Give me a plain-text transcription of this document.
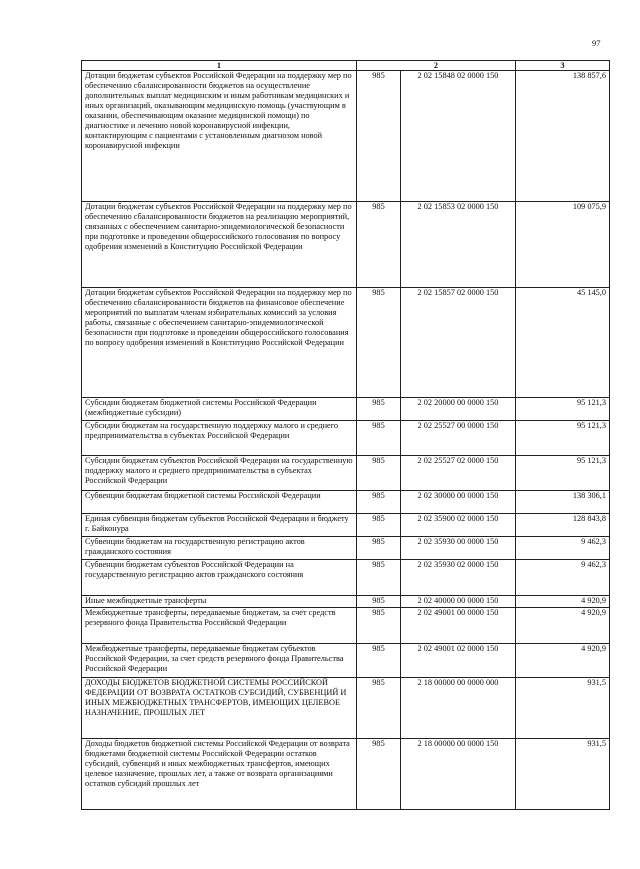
97
1	2		3
Дотации бюджетам субъектов Российской Федерации на поддержку мер по обеспечению сбалансированности бюджетов на осуществление дополнительных выплат медицинским и иным работникам медицинских и иных организаций, оказывающим медицинскую помощь (участвующим в оказании, обеспечивающим оказание медицинской помощи) по диагностике и лечению новой коронавирусной инфекции, контактирующим с пациентами с установленным диагнозом новой коронавирусной инфекции	985	2 02 15848 02 0000 150	138 857,6
Дотации бюджетам субъектов Российской Федерации на поддержку мер по обеспечению сбалансированности бюджетов на реализацию мероприятий, связанных с обеспечением санитарно-эпидемиологической безопасности при подготовке и проведении общероссийского голосования по вопросу одобрения изменений в Конституцию Российской Федерации	985	2 02 15853 02 0000 150	109 075,9
Дотации бюджетам субъектов Российской Федерации на поддержку мер по обеспечению сбалансированности бюджетов на финансовое обеспечение мероприятий по выплатам членам избирательных комиссий за условия работы, связанные с обеспечением санитарно-эпидемиологической безопасности при подготовке и проведении общероссийского голосования по вопросу одобрения изменений в Конституцию Российской Федерации	985	2 02 15857 02 0000 150	45 145,0
Субсидии бюджетам бюджетной системы Российской Федерации (межбюджетные субсидии)	985	2 02 20000 00 0000 150	95 121,3
Субсидии бюджетам на государственную поддержку малого и среднего предпринимательства в субъектах Российской Федерации	985	2 02 25527 00 0000 150	95 121,3
Субсидии бюджетам субъектов Российской Федерации на государственную поддержку малого и среднего предпринимательства в субъектах Российской Федерации	985	2 02 25527 02 0000 150	95 121,3
Субвенции бюджетам бюджетной системы Российской Федерации	985	2 02 30000 00 0000 150	138 306,1
Единая субвенция бюджетам субъектов Российской Федерации и бюджету г. Байконура	985	2 02 35900 02 0000 150	128 843,8
Субвенции бюджетам на государственную регистрацию актов гражданского состояния	985	2 02 35930 00 0000 150	9 462,3
Субвенции бюджетам субъектов Российской Федерации на государственную регистрацию актов гражданского состояния	985	2 02 35930 02 0000 150	9 462,3
Иные межбюджетные трансферты	985	2 02 40000 00 0000 150	4 920,9
Межбюджетные трансферты, передаваемые бюджетам, за счет средств резервного фонда Правительства Российской Федерации	985	2 02 49001 00 0000 150	4 920,9
Межбюджетные трансферты, передаваемые бюджетам субъектов Российской Федерации, за счет средств резервного фонда Правительства Российской Федерации	985	2 02 49001 02 0000 150	4 920,9
ДОХОДЫ БЮДЖЕТОВ БЮДЖЕТНОЙ СИСТЕМЫ РОССИЙСКОЙ ФЕДЕРАЦИИ ОТ ВОЗВРАТА ОСТАТКОВ СУБСИДИЙ, СУБВЕНЦИЙ И ИНЫХ МЕЖБЮДЖЕТНЫХ ТРАНСФЕРТОВ, ИМЕЮЩИХ ЦЕЛЕВОЕ НАЗНАЧЕНИЕ, ПРОШЛЫХ ЛЕТ	985	2 18 00000 00 0000 000	931,5
Доходы бюджетов бюджетной системы Российской Федерации от возврата бюджетами бюджетной системы Российской Федерации остатков субсидий, субвенций и иных межбюджетных трансфертов, имеющих целевое назначение, прошлых лет, а также от возврата организациями остатков субсидий прошлых лет	985	2 18 00000 00 0000 150	931,5
